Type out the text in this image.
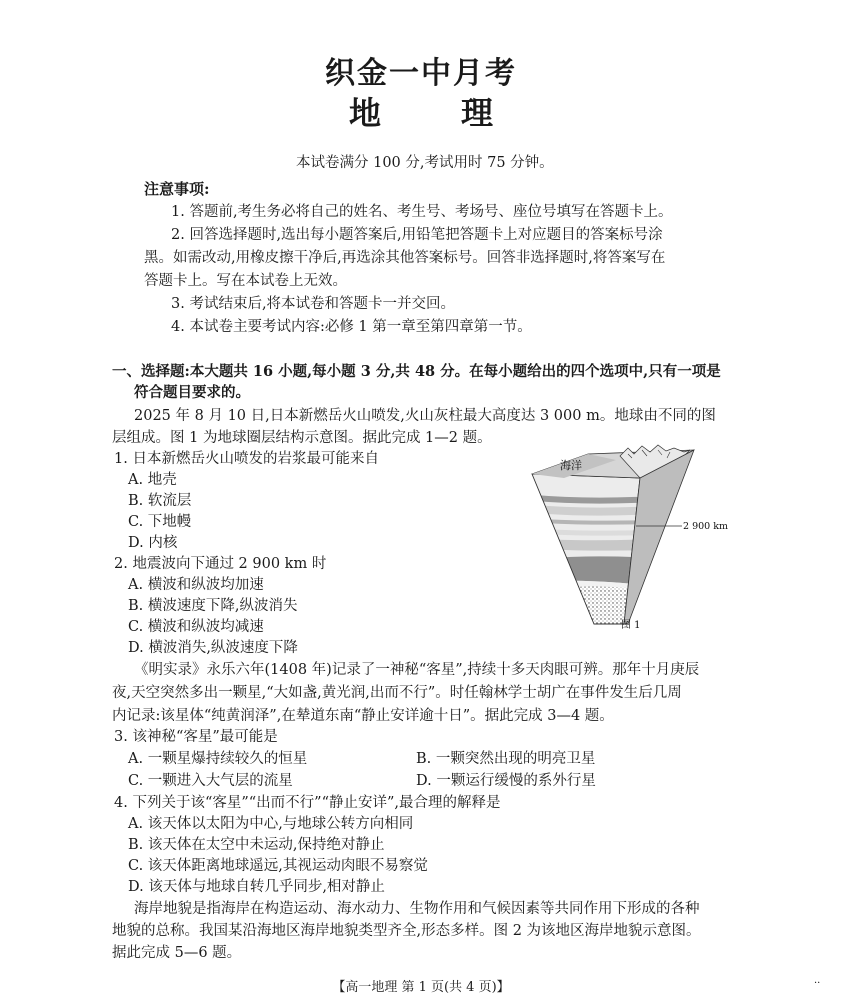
织金一中月考
地	理
本试卷满分 100 分,考试用时 75 分钟。
注意事项:
1. 答题前,考生务必将自己的姓名、考生号、考场号、座位号填写在答题卡上。
2. 回答选择题时,选出每小题答案后,用铅笔把答题卡上对应题目的答案标号涂
黑。如需改动,用橡皮擦干净后,再选涂其他答案标号。回答非选择题时,将答案写在
答题卡上。写在本试卷上无效。
3. 考试结束后,将本试卷和答题卡一并交回。
4. 本试卷主要考试内容:必修 1 第一章至第四章第一节。
一、选择题:本大题共 16 小题,每小题 3 分,共 48 分。在每小题给出的四个选项中,只有一项是
符合题目要求的。
2025 年 8 月 10 日,日本新燃岳火山喷发,火山灰柱最大高度达 3 000 m。地球由不同的图
层组成。图 1 为地球圈层结构示意图。据此完成 1—2 题。
1. 日本新燃岳火山喷发的岩浆最可能来自
A. 地壳
B. 软流层
C. 下地幔
D. 内核
2. 地震波向下通过 2 900 km 时
A. 横波和纵波均加速
B. 横波速度下降,纵波消失
C. 横波和纵波均减速
D. 横波消失,纵波速度下降
海洋
2 900 km
图 1
《明实录》永乐六年(1408 年)记录了一神秘“客星”,持续十多天肉眼可辨。那年十月庚辰
夜,天空突然多出一颗星,“大如盏,黄光润,出而不行”。时任翰林学士胡广在事件发生后几周
内记录:该星体“纯黄润泽”,在辇道东南“静止安详逾十日”。据此完成 3—4 题。
3. 该神秘“客星”最可能是
A. 一颗星爆持续较久的恒星	B. 一颗突然出现的明亮卫星
C. 一颗进入大气层的流星	D. 一颗运行缓慢的系外行星
4. 下列关于该“客星”“出而不行”“静止安详”,最合理的解释是
A. 该天体以太阳为中心,与地球公转方向相同
B. 该天体在太空中未运动,保持绝对静止
C. 该天体距离地球遥远,其视运动肉眼不易察觉
D. 该天体与地球自转几乎同步,相对静止
海岸地貌是指海岸在构造运动、海水动力、生物作用和气候因素等共同作用下形成的各种
地貌的总称。我国某沿海地区海岸地貌类型齐全,形态多样。图 2 为该地区海岸地貌示意图。
据此完成 5—6 题。
【高一地理 第 1 页(共 4 页)】	··
